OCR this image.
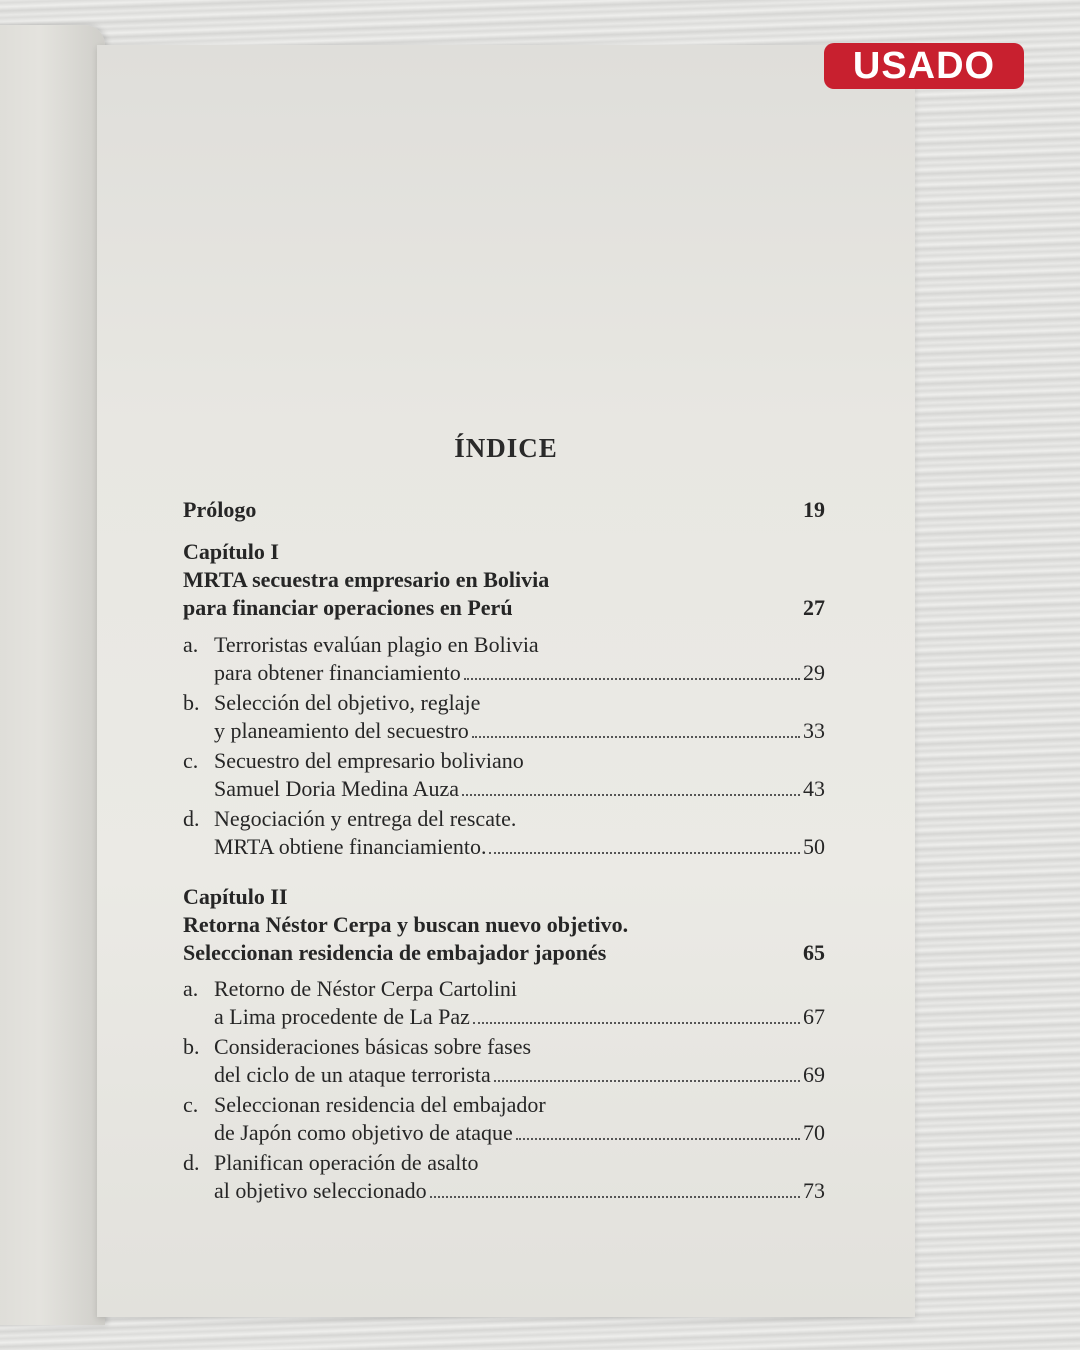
USADO
ÍNDICE
Prólogo	19
Capítulo I
MRTA secuestra empresario en Bolivia
para financiar operaciones en Perú	27
a. Terroristas evalúan plagio en Bolivia
para obtener financiamiento	29
b. Selección del objetivo, reglaje
y planeamiento del secuestro	33
c. Secuestro del empresario boliviano
Samuel Doria Medina Auza	43
d. Negociación y entrega del rescate.
MRTA obtiene financiamiento.	50
Capítulo II
Retorna Néstor Cerpa y buscan nuevo objetivo.
Seleccionan residencia de embajador japonés	65
a. Retorno de Néstor Cerpa Cartolini
a Lima procedente de La Paz	67
b. Consideraciones básicas sobre fases
del ciclo de un ataque terrorista	69
c. Seleccionan residencia del embajador
de Japón como objetivo de ataque	70
d. Planifican operación de asalto
al objetivo seleccionado	73
